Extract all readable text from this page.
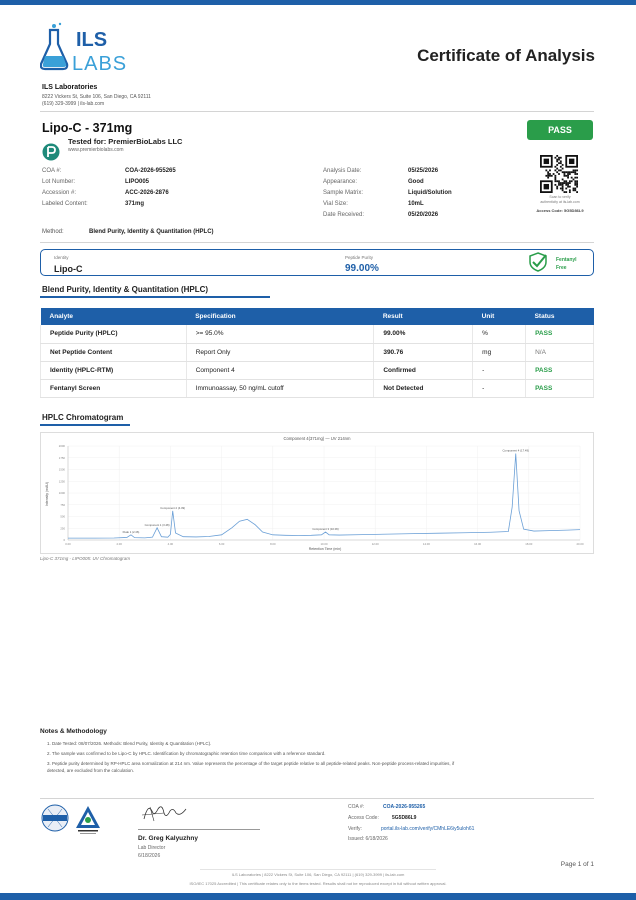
ILS
LABS	Certificate of Analysis
ILS Laboratories
8222 Vickers St, Suite 106, San Diego, CA 92111
(619) 329-3999 | ils-lab.com
Lipo-C - 371mg	PASS
Tested for: PremierBioLabs LLC
www.premierbiolabs.com
COA #:	COA-2026-955265
Lot Number:	LIPO005
Accession #:	ACC-2026-2876
Labeled Content:	371mg
Analysis Date:	05/25/2026
Appearance:	Good
Sample Matrix:	Liquid/Solution
Vial Size:	10mL
Date Received:	05/20/2026
Scan to verify
authenticity at ils-lab.com
Access Code: 5G5D86L9
Method:	Blend Purity, Identity & Quantitation (HPLC)
Identity
Lipo-C
Peptide Purity
99.00%
Fentanyl
Free
Blend Purity, Identity & Quantitation (HPLC)
Analyte	Specification	Result	Unit	Status
Peptide Purity (HPLC)	>= 95.0%	99.00%	%	PASS
Net Peptide Content	Report Only	390.76	mg	N/A
Identity (HPLC-RTM)	Component 4	Confirmed	-	PASS
Fentanyl Screen	Immunoassay, 50 ng/mL cutoff	Not Detected	-	PASS
HPLC Chromatogram
Component 4(371mg) — UV 214nm
Intensity (mAU)
Retention Time (min)
0
250
500
750
1000
1250
1500
1750
2000
0.00	2.00	4.00	6.00	8.00	10.00	12.00	14.00	16.00	18.00	20.00
Peak 1 (2.46)
Component 1 (3.48)
Component 2 (4.09)
Component 3 (10.06)
Component 4 (17.49)
Lipo-C 371mg - LIPO005: UV Chromatogram
Notes & Methodology
1. Date Tested: 08/07/2026. Methods: Blend Purity, Identity & Quantitation (HPLC).
2. The sample was confirmed to be Lipo-C by HPLC. Identification by chromatographic retention time comparison with a reference standard.
3. Peptide purity determined by RP-HPLC area normalization at 214 nm. Value represents the percentage of the target peptide relative to all peptide-related peaks. Non-peptide process-related impurities, if
detected, are excluded from the calculation.
Dr. Greg Kalyuzhny
Lab Director
6/18/2026
COA #:	COA-2026-955265
Access Code:	5G5D86L9
Verify:	portal.ils-lab.com/verify/CMhLE6iy5uloh61
Issued: 6/18/2026
Page 1 of 1
ILS Laboratories | 8222 Vickers St, Suite 106, San Diego, CA 92111 | (619) 329-3999 | ils-lab.com
ISO/IEC 17025 Accredited | This certificate relates only to the items tested. Results shall not be reproduced except in full without written approval.
